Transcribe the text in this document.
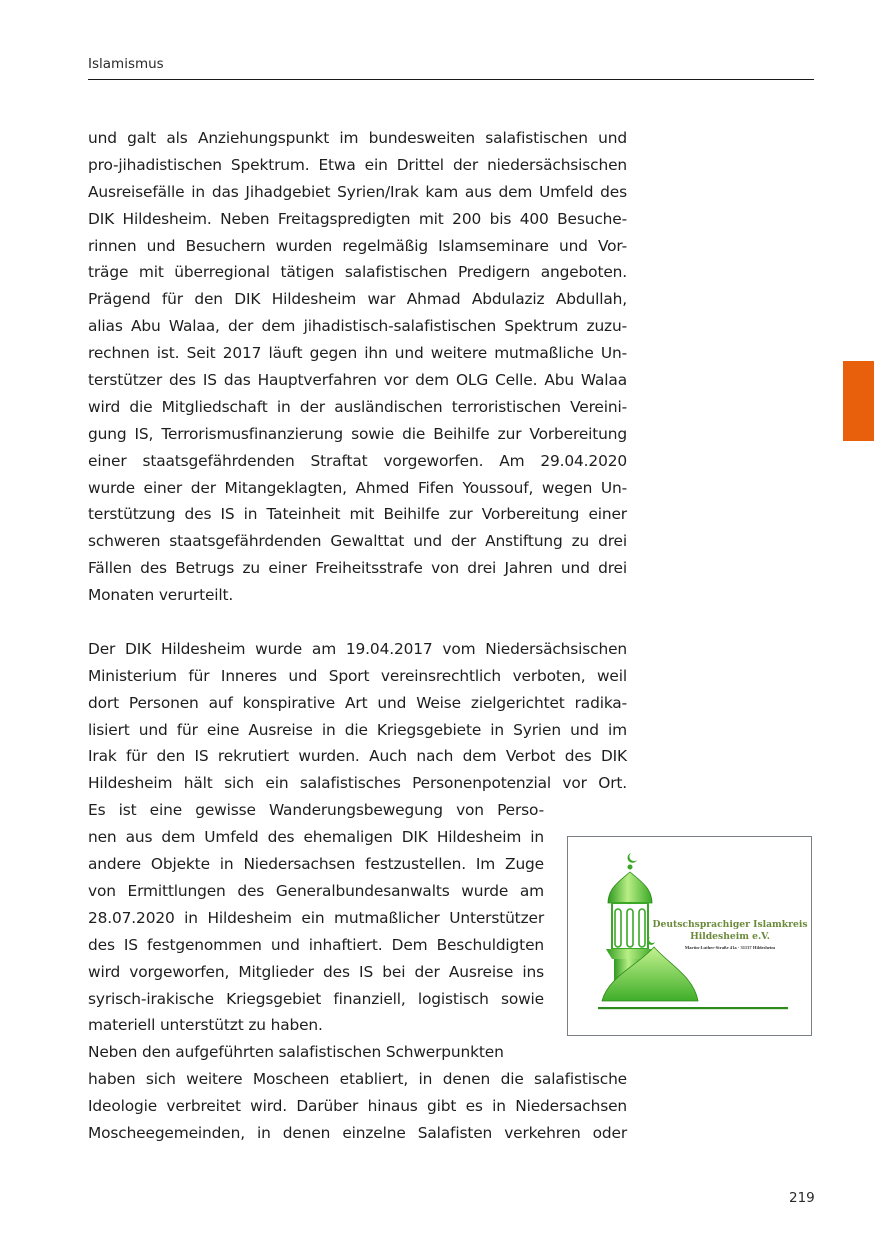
Islamismus
und galt als Anziehungspunkt im bundesweiten salafistischen und
pro-jihadistischen Spektrum. Etwa ein Drittel der niedersächsischen
Ausreisefälle in das Jihadgebiet Syrien/Irak kam aus dem Umfeld des
DIK Hildesheim. Neben Freitagspredigten mit 200 bis 400 Besuche-
rinnen und Besuchern wurden regelmäßig Islamseminare und Vor-
träge mit überregional tätigen salafistischen Predigern angeboten.
Prägend für den DIK Hildesheim war Ahmad Abdulaziz Abdullah,
alias Abu Walaa, der dem jihadistisch-salafistischen Spektrum zuzu-
rechnen ist. Seit 2017 läuft gegen ihn und weitere mutmaßliche Un-
terstützer des IS das Hauptverfahren vor dem OLG Celle. Abu Walaa
wird die Mitgliedschaft in der ausländischen terroristischen Vereini-
gung IS, Terrorismusfinanzierung sowie die Beihilfe zur Vorbereitung
einer staatsgefährdenden Straftat vorgeworfen. Am 29.04.2020
wurde einer der Mitangeklagten, Ahmed Fifen Youssouf, wegen Un-
terstützung des IS in Tateinheit mit Beihilfe zur Vorbereitung einer
schweren staatsgefährdenden Gewalttat und der Anstiftung zu drei
Fällen des Betrugs zu einer Freiheitsstrafe von drei Jahren und drei
Monaten verurteilt.
Der DIK Hildesheim wurde am 19.04.2017 vom Niedersächsischen
Ministerium für Inneres und Sport vereinsrechtlich verboten, weil
dort Personen auf konspirative Art und Weise zielgerichtet radika-
lisiert und für eine Ausreise in die Kriegsgebiete in Syrien und im
Irak für den IS rekrutiert wurden. Auch nach dem Verbot des DIK
Hildesheim hält sich ein salafistisches Personenpotenzial vor Ort.
Es ist eine gewisse Wanderungsbewegung von Perso-
nen aus dem Umfeld des ehemaligen DIK Hildesheim in
andere Objekte in Niedersachsen festzustellen. Im Zuge
von Ermittlungen des Generalbundesanwalts wurde am
28.07.2020 in Hildesheim ein mutmaßlicher Unterstützer
des IS festgenommen und inhaftiert. Dem Beschuldigten
wird vorgeworfen, Mitglieder des IS bei der Ausreise ins
syrisch-irakische Kriegsgebiet finanziell, logistisch sowie
materiell unterstützt zu haben.
Neben den aufgeführten salafistischen Schwerpunkten
haben sich weitere Moscheen etabliert, in denen die salafistische
Ideologie verbreitet wird. Darüber hinaus gibt es in Niedersachsen
Moscheegemeinden, in denen einzelne Salafisten verkehren oder
Deutschsprachiger Islamkreis
Hildesheim e.V.
Martin-Luther-Straße 41a - 31137 Hildesheim
219
